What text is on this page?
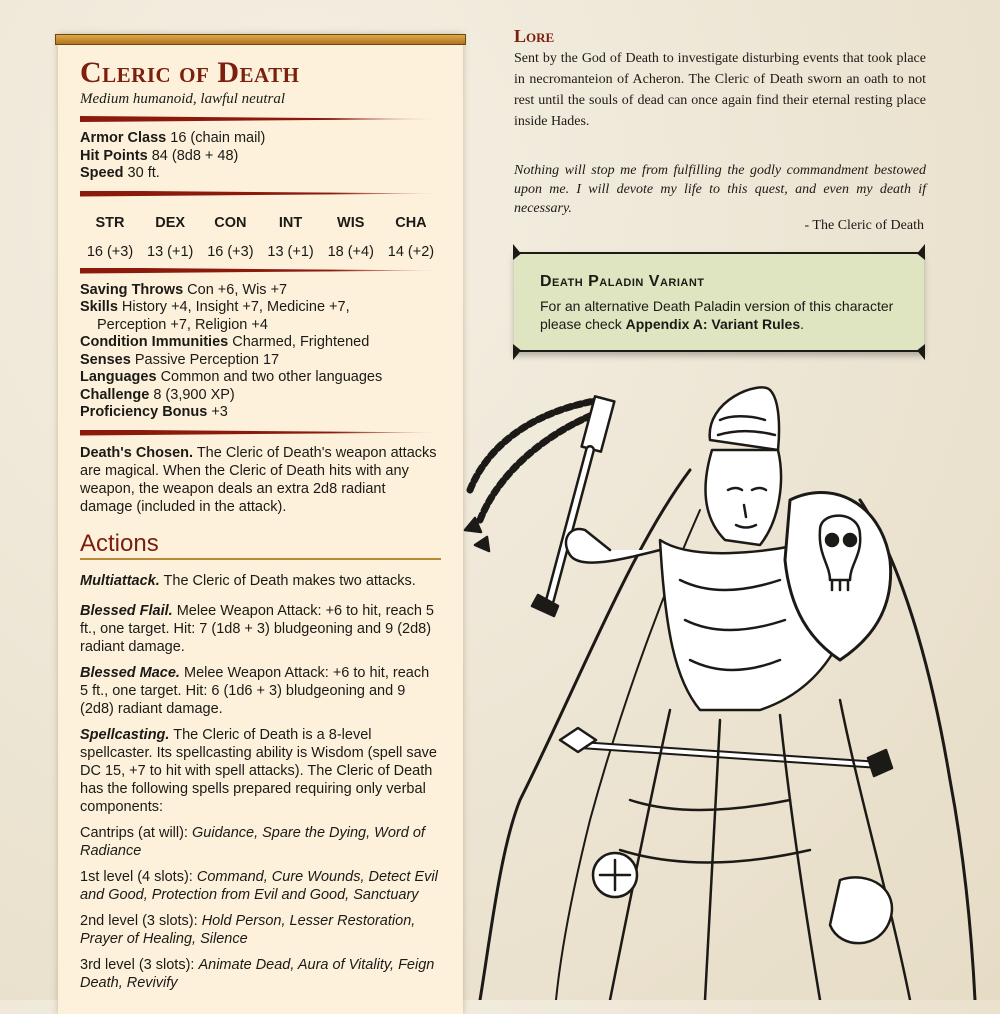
Cleric of Death
Medium humanoid, lawful neutral
Armor Class 16 (chain mail)
Hit Points 84 (8d8 + 48)
Speed 30 ft.
STR
16 (+3)
DEX
13 (+1)
CON
16 (+3)
INT
13 (+1)
WIS
18 (+4)
CHA
14 (+2)
Saving Throws Con +6, Wis +7
Skills History +4, Insight +7, Medicine +7,
Perception +7, Religion +4
Condition Immunities Charmed, Frightened
Senses Passive Perception 17
Languages Common and two other languages
Challenge 8 (3,900 XP)
Proficiency Bonus +3
Death's Chosen. The Cleric of Death's weapon attacks are magical. When the Cleric of Death hits with any weapon, the weapon deals an extra 2d8 radiant damage (included in the attack).
Actions
Multiattack. The Cleric of Death makes two attacks.
Blessed Flail. Melee Weapon Attack: +6 to hit, reach 5 ft., one target. Hit: 7 (1d8 + 3) bludgeoning and 9 (2d8) radiant damage.
Blessed Mace. Melee Weapon Attack: +6 to hit, reach 5 ft., one target. Hit: 6 (1d6 + 3) bludgeoning and 9 (2d8) radiant damage.
Spellcasting. The Cleric of Death is a 8-level spellcaster. Its spellcasting ability is Wisdom (spell save DC 15, +7 to hit with spell attacks). The Cleric of Death has the following spells prepared requiring only verbal components:
Cantrips (at will): Guidance, Spare the Dying, Word of Radiance
1st level (4 slots): Command, Cure Wounds, Detect Evil and Good, Protection from Evil and Good, Sanctuary
2nd level (3 slots): Hold Person, Lesser Restoration, Prayer of Healing, Silence
3rd level (3 slots): Animate Dead, Aura of Vitality, Feign Death, Revivify
Lore
Sent by the God of Death to investigate disturbing events that took place in necromanteion of Acheron. The Cleric of Death sworn an oath to not rest until the souls of dead can once again find their eternal resting place inside Hades.
Nothing will stop me from fulfilling the godly commandment bestowed upon me. I will devote my life to this quest, and even my death if necessary.
- The Cleric of Death
Death Paladin Variant
For an alternative Death Paladin version of this character please check Appendix A: Variant Rules.
